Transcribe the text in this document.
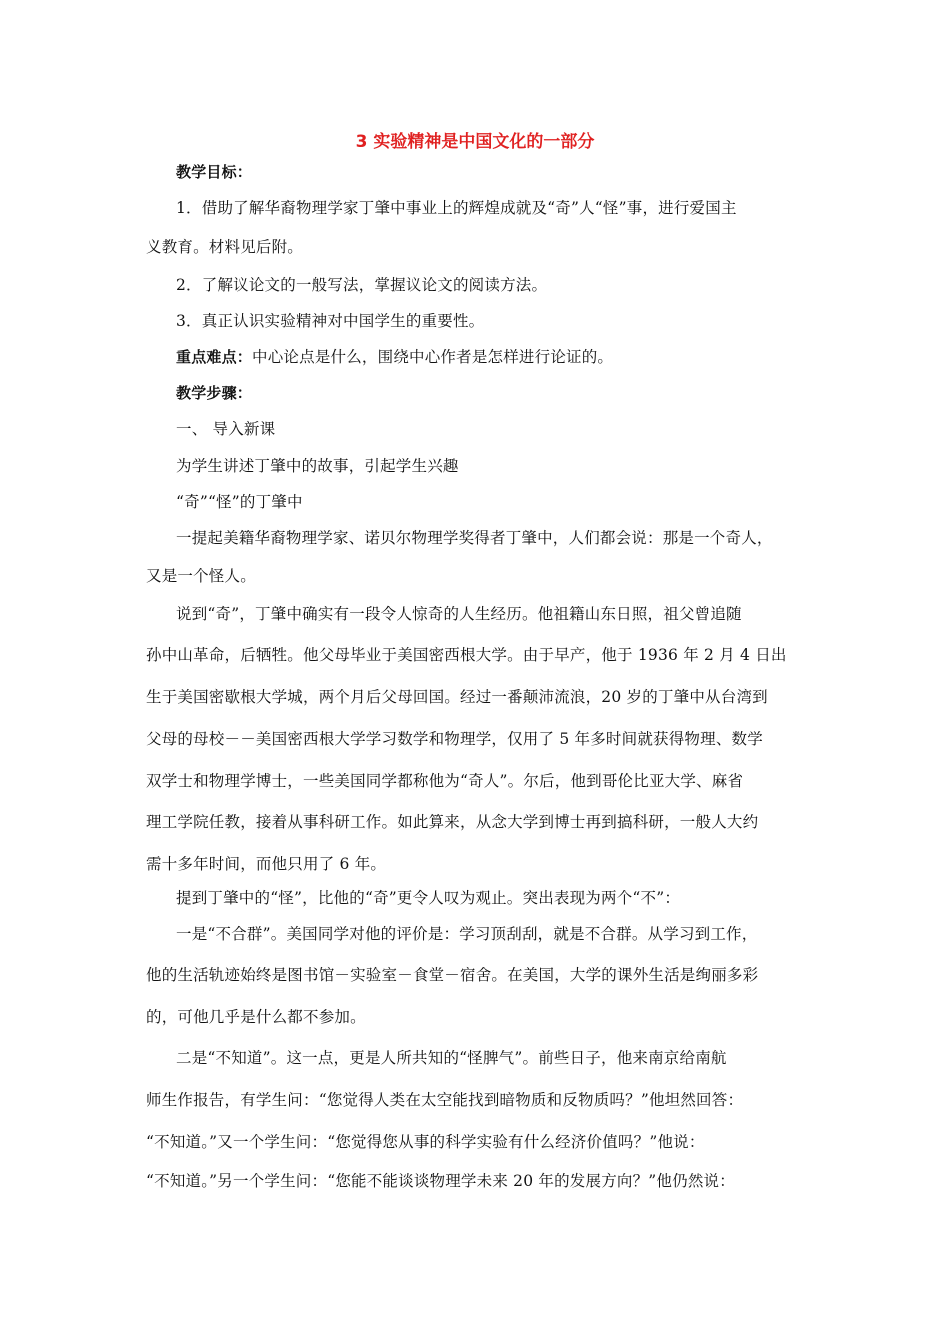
3 实验精神是中国文化的一部分
教学目标：
1．借助了解华裔物理学家丁肇中事业上的辉煌成就及“奇”人“怪”事，进行爱国主
义教育。材料见后附。
2．了解议论文的一般写法，掌握议论文的阅读方法。
3．真正认识实验精神对中国学生的重要性。
重点难点：中心论点是什么，围绕中心作者是怎样进行论证的。
教学步骤：
一、 导入新课
为学生讲述丁肇中的故事，引起学生兴趣
“奇”“怪”的丁肇中
一提起美籍华裔物理学家、诺贝尔物理学奖得者丁肇中，人们都会说：那是一个奇人，
又是一个怪人。
说到“奇”，丁肇中确实有一段令人惊奇的人生经历。他祖籍山东日照，祖父曾追随
孙中山革命，后牺牲。他父母毕业于美国密西根大学。由于早产，他于 1936 年 2 月 4 日出
生于美国密歇根大学城，两个月后父母回国。经过一番颠沛流浪，20 岁的丁肇中从台湾到
父母的母校－－美国密西根大学学习数学和物理学，仅用了 5 年多时间就获得物理、数学
双学士和物理学博士，一些美国同学都称他为“奇人”。尔后，他到哥伦比亚大学、麻省
理工学院任教，接着从事科研工作。如此算来，从念大学到博士再到搞科研，一般人大约
需十多年时间，而他只用了 6 年。
提到丁肇中的“怪”，比他的“奇”更令人叹为观止。突出表现为两个“不”：
一是“不合群”。美国同学对他的评价是：学习顶刮刮，就是不合群。从学习到工作，
他的生活轨迹始终是图书馆－实验室－食堂－宿舍。在美国，大学的课外生活是绚丽多彩
的，可他几乎是什么都不参加。
二是“不知道”。这一点，更是人所共知的“怪脾气”。前些日子，他来南京给南航
师生作报告，有学生问：“您觉得人类在太空能找到暗物质和反物质吗？”他坦然回答：
“不知道。”又一个学生问：“您觉得您从事的科学实验有什么经济价值吗？”他说：
“不知道。”另一个学生问：“您能不能谈谈物理学未来 20 年的发展方向？”他仍然说：
